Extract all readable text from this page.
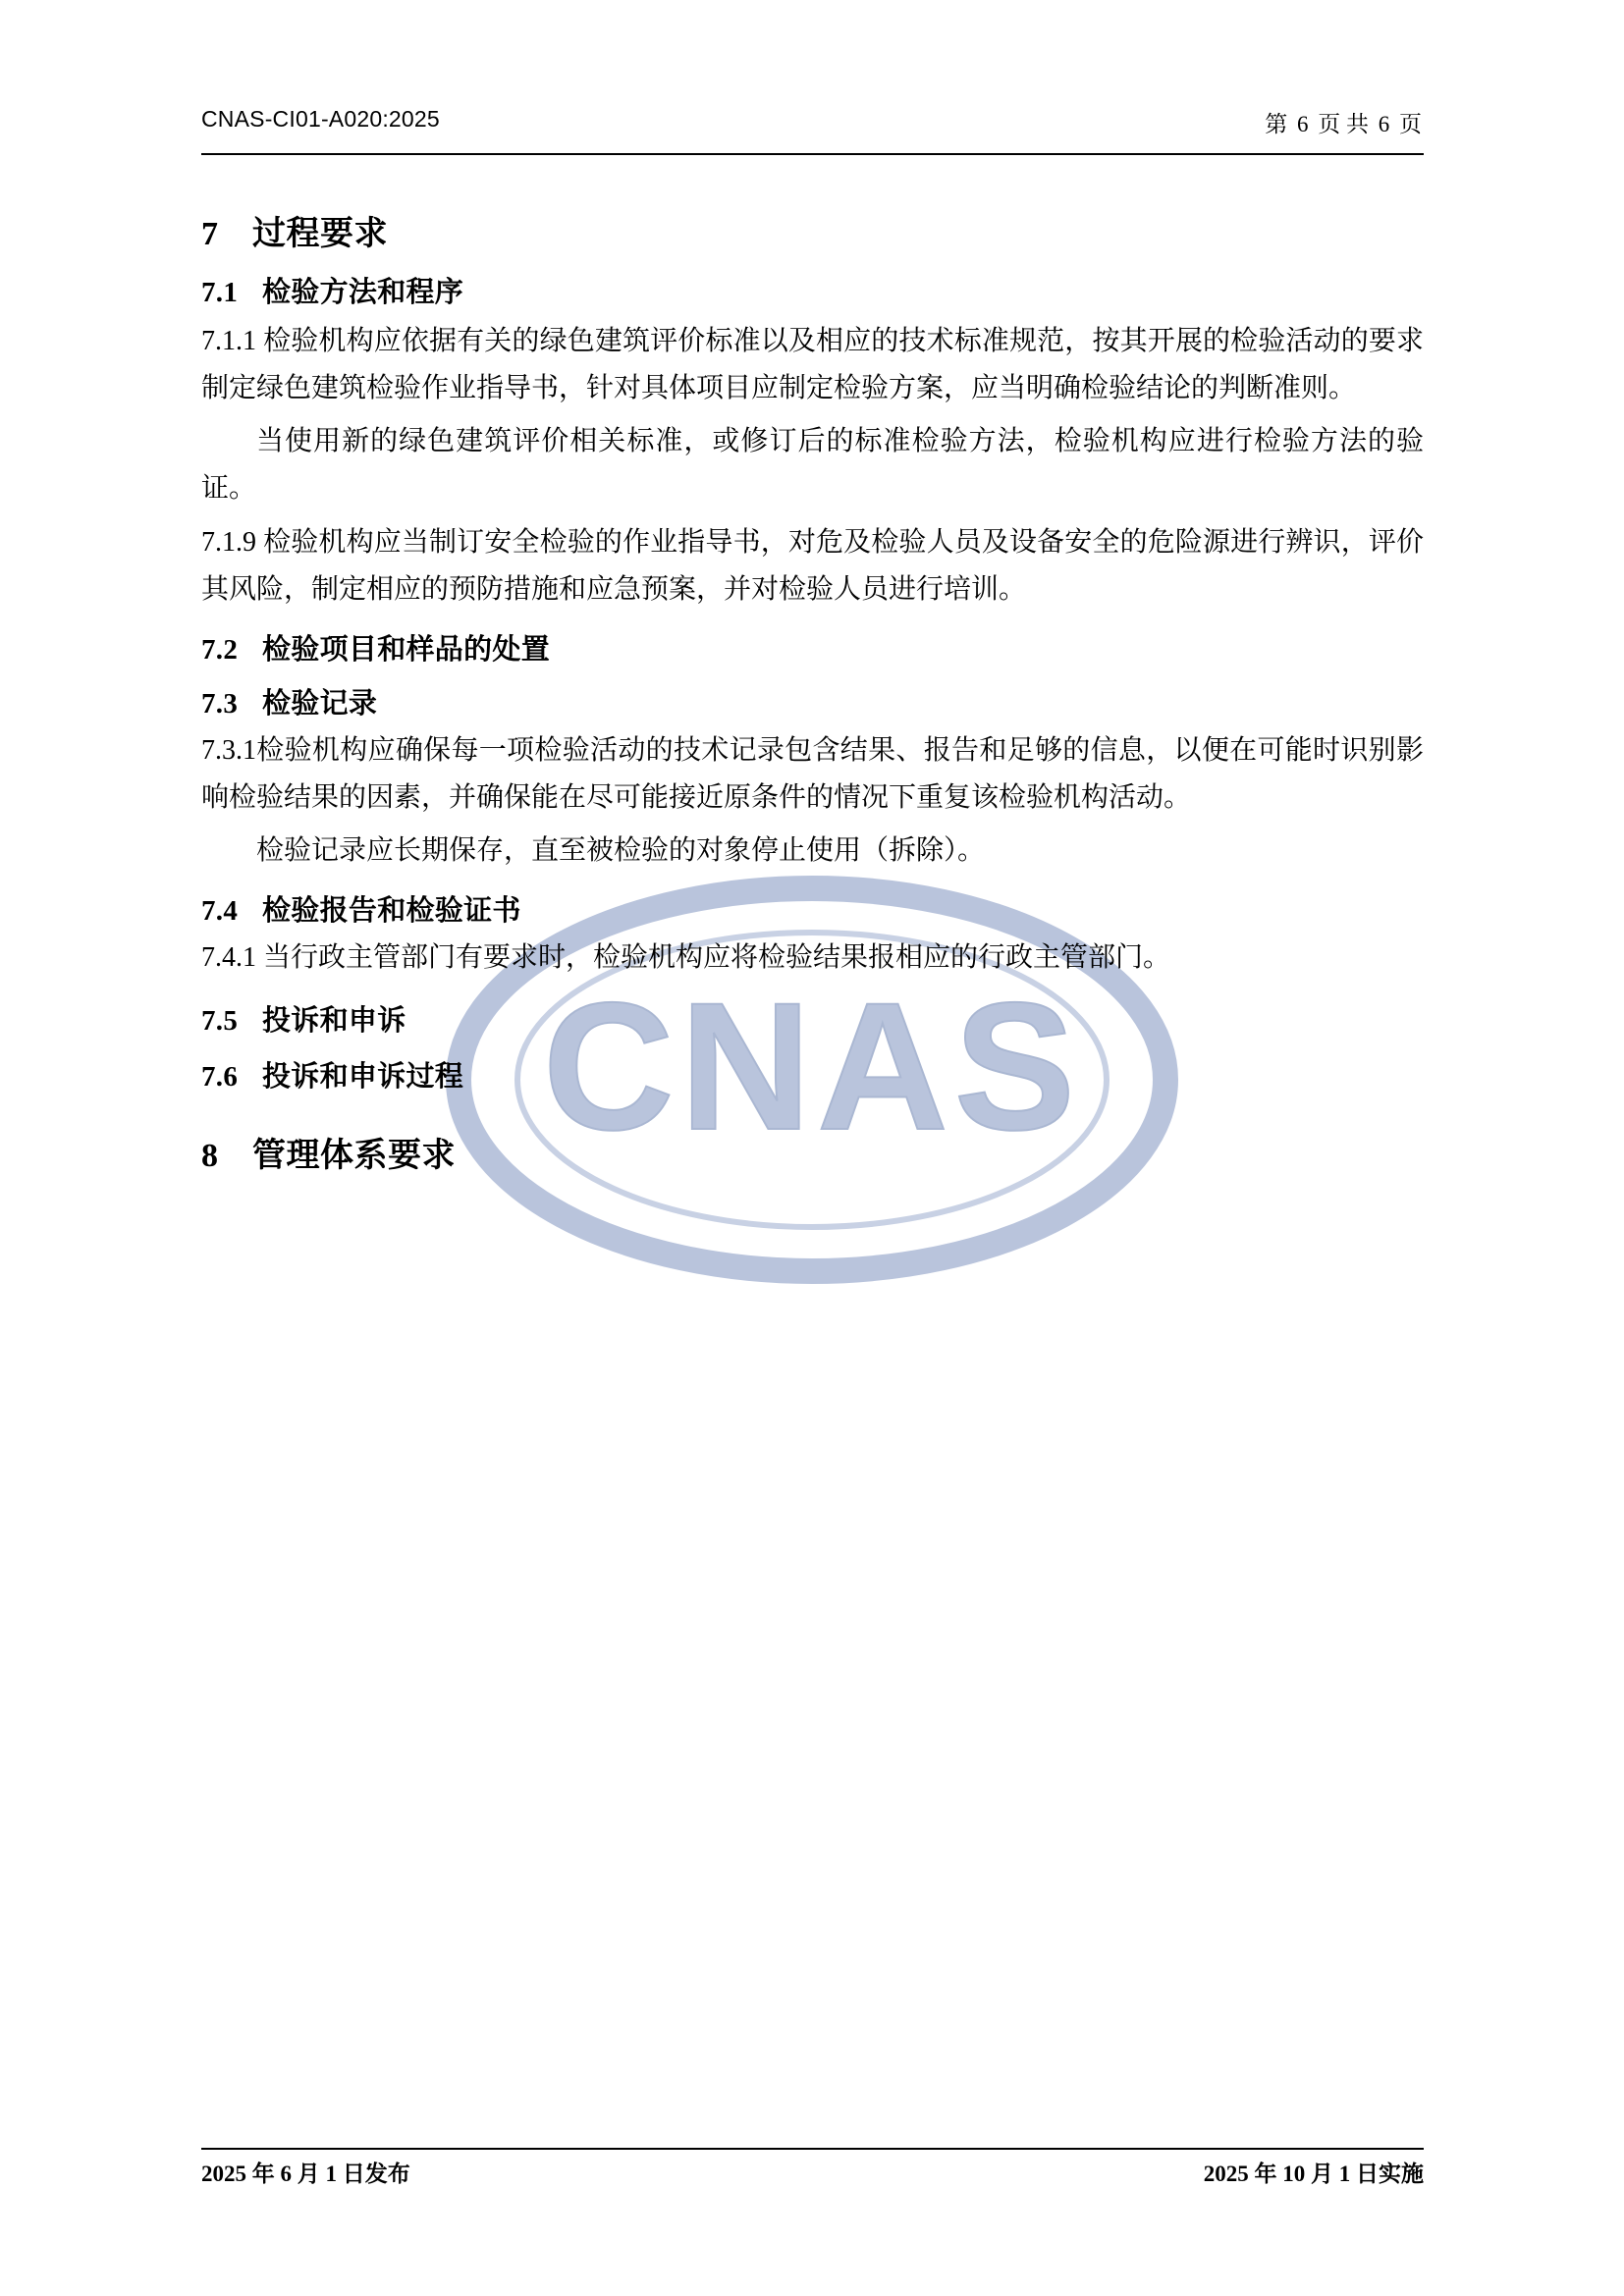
CNAS
CNAS-CI01-A020:2025	第 6 页 共 6 页
7 过程要求
7.1 检验方法和程序
7.1.1 检验机构应依据有关的绿色建筑评价标准以及相应的技术标准规范，按其开展的检验活动的要求制定绿色建筑检验作业指导书，针对具体项目应制定检验方案，应当明确检验结论的判断准则。
当使用新的绿色建筑评价相关标准，或修订后的标准检验方法，检验机构应进行检验方法的验证。
7.1.9 检验机构应当制订安全检验的作业指导书，对危及检验人员及设备安全的危险源进行辨识，评价其风险，制定相应的预防措施和应急预案，并对检验人员进行培训。
7.2 检验项目和样品的处置
7.3 检验记录
7.3.1检验机构应确保每一项检验活动的技术记录包含结果、报告和足够的信息，以便在可能时识别影响检验结果的因素，并确保能在尽可能接近原条件的情况下重复该检验机构活动。
检验记录应长期保存，直至被检验的对象停止使用（拆除）。
7.4 检验报告和检验证书
7.4.1 当行政主管部门有要求时，检验机构应将检验结果报相应的行政主管部门。
7.5 投诉和申诉
7.6 投诉和申诉过程
8 管理体系要求
2025 年 6 月 1 日发布	2025 年 10 月 1 日实施
